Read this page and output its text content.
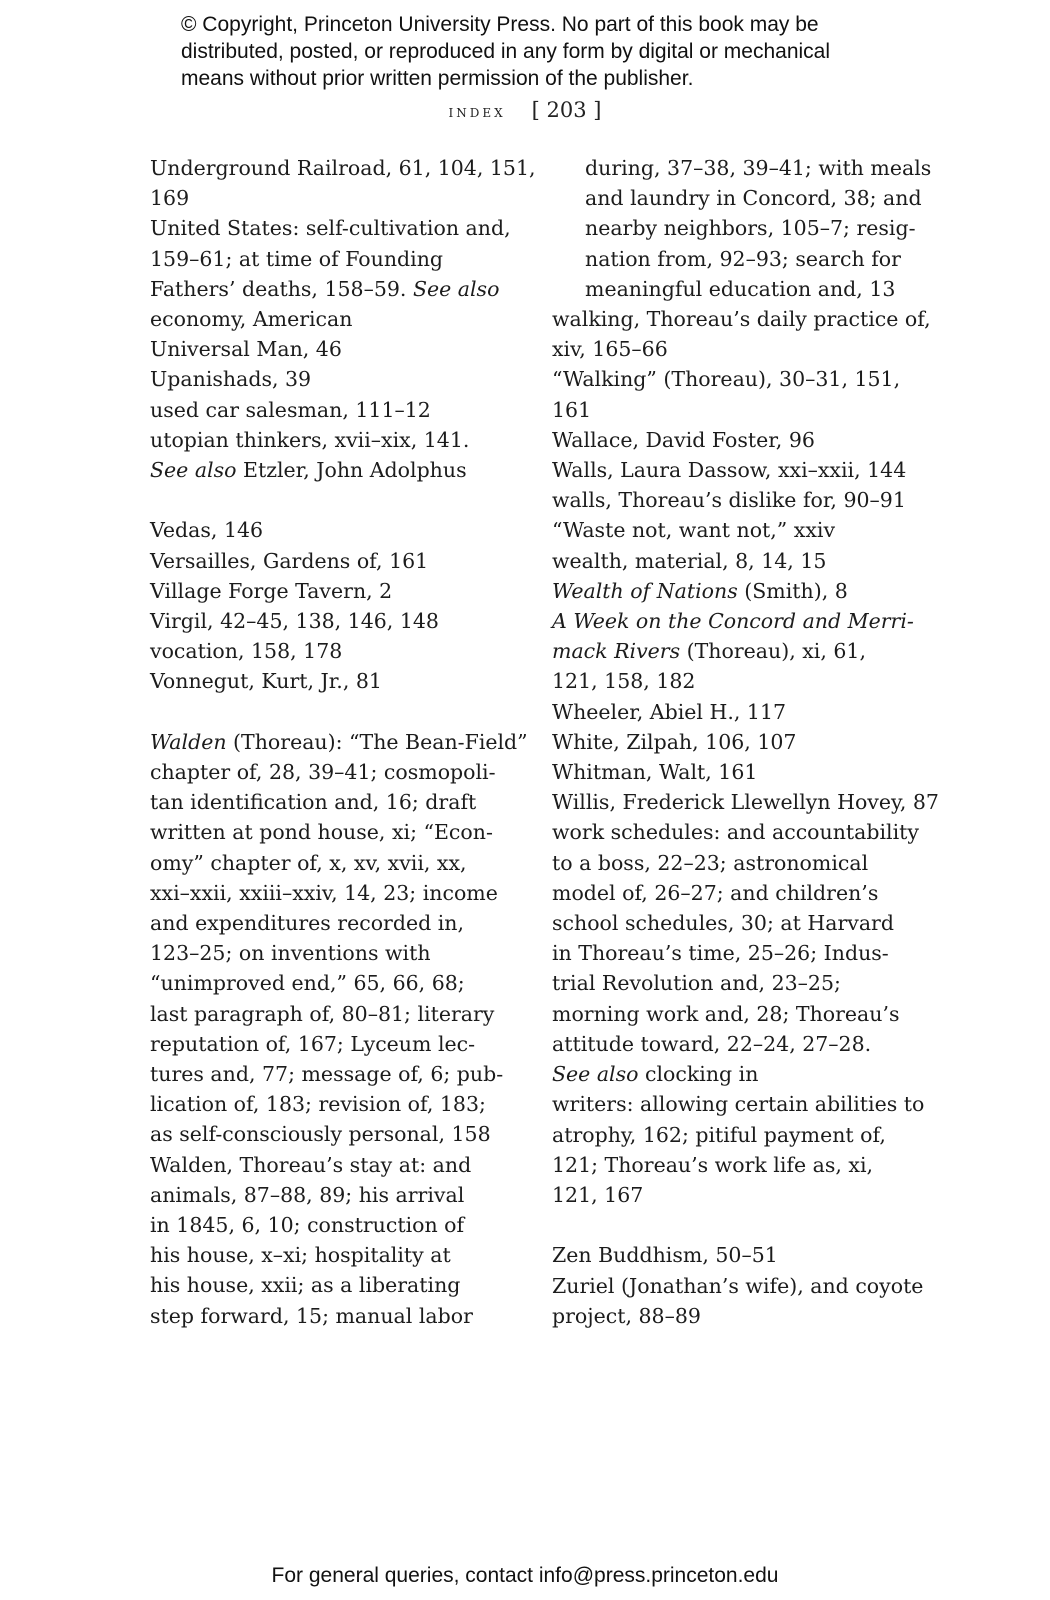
© Copyright, Princeton University Press. No part of this book may be
distributed, posted, or reproduced in any form by digital or mechanical
means without prior written permission of the publisher.
index [ 203 ]

Underground Railroad, 61, 104, 151,
169

United States: self-cultivation and,
159–61; at time of Founding
Fathers’ deaths, 158–59. See also
economy, American

Universal Man, 46

Upanishads, 39

used car salesman, 111–12

utopian thinkers, xvii–xix, 141.
See also Etzler, John Adolphus

Vedas, 146

Versailles, Gardens of, 161

Village Forge Tavern, 2

Virgil, 42–45, 138, 146, 148

vocation, 158, 178

Vonnegut, Kurt, Jr., 81

Walden (Thoreau): “The Bean-Field”
chapter of, 28, 39–41; cosmopoli-
tan identification and, 16; draft
written at pond house, xi; “Econ-
omy” chapter of, x, xv, xvii, xx,
xxi–xxii, xxiii–xxiv, 14, 23; income
and expenditures recorded in,
123–25; on inventions with
“unimproved end,” 65, 66, 68;
last paragraph of, 80–81; literary
reputation of, 167; Lyceum lec-
tures and, 77; message of, 6; pub-
lication of, 183; revision of, 183;
as self-consciously personal, 158

Walden, Thoreau’s stay at: and
animals, 87–88, 89; his arrival
in 1845, 6, 10; construction of
his house, x–xi; hospitality at
his house, xxii; as a liberating
step forward, 15; manual labor

during, 37–38, 39–41; with meals
and laundry in Concord, 38; and
nearby neighbors, 105–7; resig-
nation from, 92–93; search for
meaningful education and, 13

walking, Thoreau’s daily practice of,
xiv, 165–66

“Walking” (Thoreau), 30–31, 151,
161

Wallace, David Foster, 96

Walls, Laura Dassow, xxi–xxii, 144

walls, Thoreau’s dislike for, 90–91

“Waste not, want not,” xxiv

wealth, material, 8, 14, 15

Wealth of Nations (Smith), 8

A Week on the Concord and Merri-
mack Rivers (Thoreau), xi, 61,
121, 158, 182

Wheeler, Abiel H., 117

White, Zilpah, 106, 107

Whitman, Walt, 161

Willis, Frederick Llewellyn Hovey, 87

work schedules: and accountability
to a boss, 22–23; astronomical
model of, 26–27; and children’s
school schedules, 30; at Harvard
in Thoreau’s time, 25–26; Indus-
trial Revolution and, 23–25;
morning work and, 28; Thoreau’s
attitude toward, 22–24, 27–28.
See also clocking in

writers: allowing certain abilities to
atrophy, 162; pitiful payment of,
121; Thoreau’s work life as, xi,
121, 167

Zen Buddhism, 50–51

Zuriel (Jonathan’s wife), and coyote
project, 88–89

For general queries, contact info@press.princeton.edu
